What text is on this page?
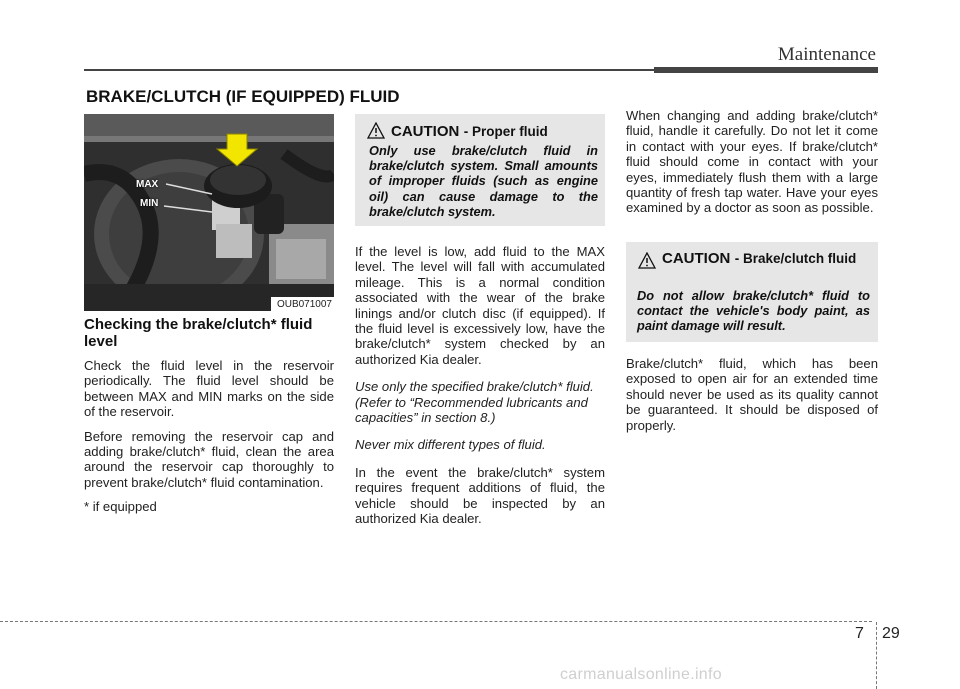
Maintenance
BRAKE/CLUTCH (IF EQUIPPED) FLUID
MAX
MIN
OUB071007
Checking the brake/clutch* fluid level

Check the fluid level in the reservoir periodically. The fluid level should be between MAX and MIN marks on the side of the reservoir.

Before removing the reservoir cap and adding brake/clutch* fluid, clean the area around the reservoir cap thoroughly to prevent brake/clutch* fluid contamination.

* if equipped

CAUTION - Proper fluid
Only use brake/clutch fluid in brake/clutch system. Small amounts of improper fluids (such as engine oil) can cause damage to the brake/clutch system.

If the level is low, add fluid to the MAX level. The level will fall with accumulated mileage. This is a normal condition associated with the wear of the brake linings and/or clutch disc (if equipped). If the fluid level is excessively low, have the brake/clutch* system checked by an authorized Kia dealer.

Use only the specified brake/clutch* fluid. (Refer to “Recommended lubricants and capacities” in section 8.)

Never mix different types of fluid.

In the event the brake/clutch* system requires frequent additions of fluid, the vehicle should be inspected by an authorized Kia dealer.

When changing and adding brake/clutch* fluid, handle it carefully. Do not let it come in contact with your eyes. If brake/clutch* fluid should come in contact with your eyes, immediately flush them with a large quantity of fresh tap water. Have your eyes examined by a doctor as soon as possible.

CAUTION - Brake/clutch fluid
Do not allow brake/clutch* fluid to contact the vehicle's body paint, as paint damage will result.

Brake/clutch* fluid, which has been exposed to open air for an extended time should never be used as its quality cannot be guaranteed. It should be disposed of properly.

7 29
carmanualsonline.info
